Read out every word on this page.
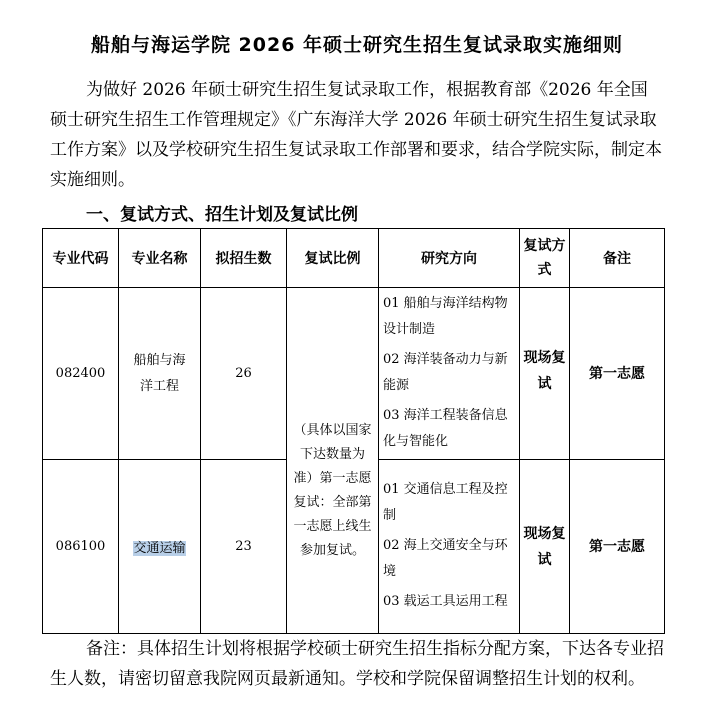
船舶与海运学院 2026 年硕士研究生招生复试录取实施细则
为做好 2026 年硕士研究生招生复试录取工作，根据教育部《2026 年全国硕士研究生招生工作管理规定》《广东海洋大学 2026 年硕士研究生招生复试录取工作方案》以及学校研究生招生复试录取工作部署和要求，结合学院实际，制定本实施细则。
一、复试方式、招生计划及复试比例
专业代码	专业名称	拟招生数	复试比例	研究方向	复试方式	备注
082400	船舶与海洋工程	26	（具体以国家下达数量为准）第一志愿复试：全部第一志愿上线生参加复试。	01 船舶与海洋结构物设计制造
02 海洋装备动力与新能源
03 海洋工程装备信息化与智能化	现场复试	第一志愿
086100	交通运输	23		01 交通信息工程及控制
02 海上交通安全与环境
03 载运工具运用工程	现场复试	第一志愿
备注：具体招生计划将根据学校硕士研究生招生指标分配方案，下达各专业招生人数，请密切留意我院网页最新通知。学校和学院保留调整招生计划的权利。
